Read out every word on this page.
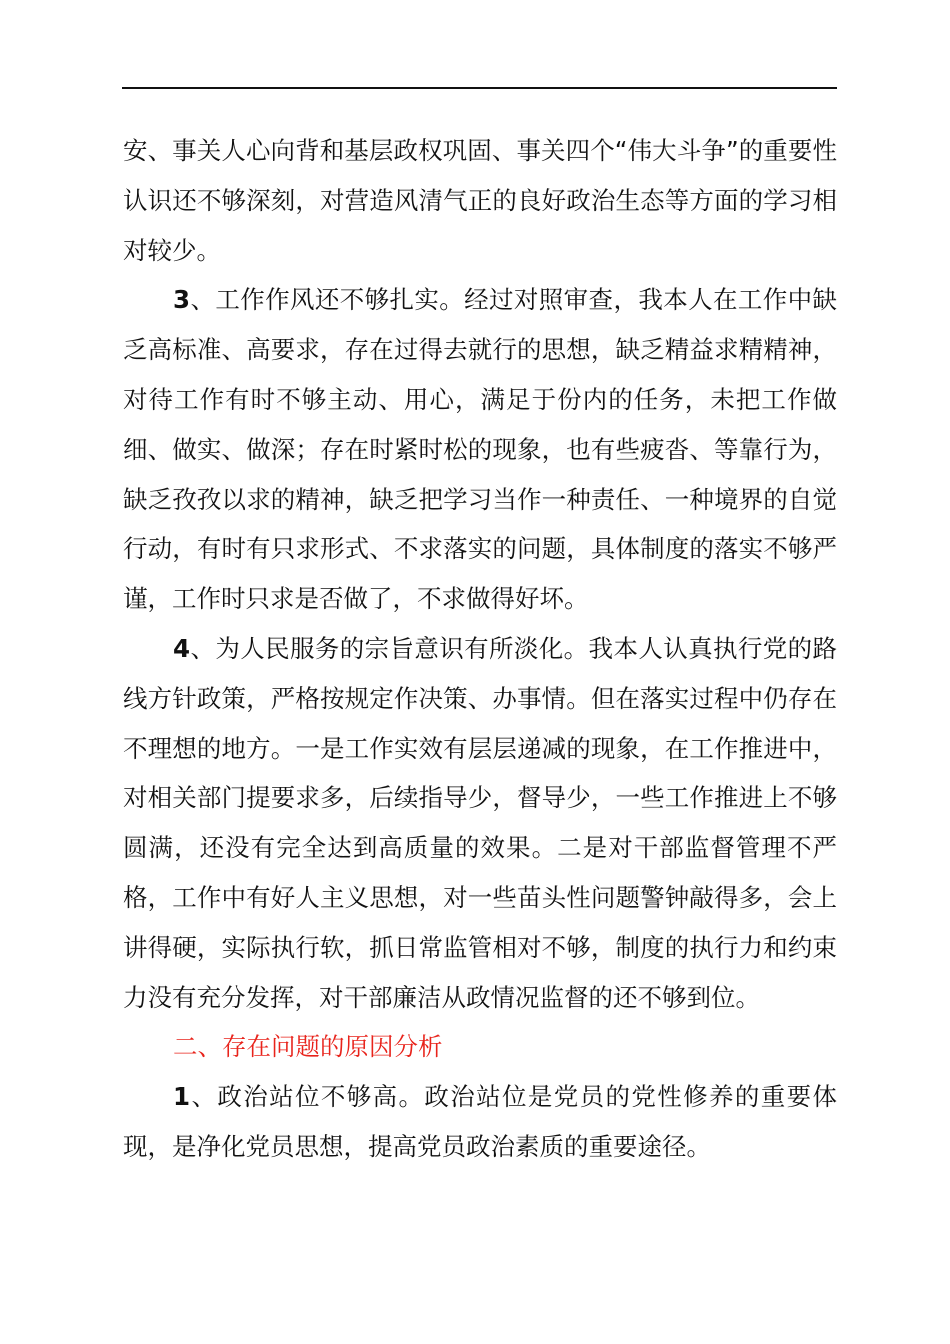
安、事关人心向背和基层政权巩固、事关四个“伟大斗争”的重要性认识还不够深刻，对营造风清气正的良好政治生态等方面的学习相对较少。

3、工作作风还不够扎实。经过对照审查，我本人在工作中缺乏高标准、高要求，存在过得去就行的思想，缺乏精益求精精神，对待工作有时不够主动、用心，满足于份内的任务，未把工作做细、做实、做深；存在时紧时松的现象，也有些疲沓、等靠行为，缺乏孜孜以求的精神，缺乏把学习当作一种责任、一种境界的自觉行动，有时有只求形式、不求落实的问题，具体制度的落实不够严谨，工作时只求是否做了，不求做得好坏。

4、为人民服务的宗旨意识有所淡化。我本人认真执行党的路线方针政策，严格按规定作决策、办事情。但在落实过程中仍存在不理想的地方。一是工作实效有层层递减的现象，在工作推进中，对相关部门提要求多，后续指导少，督导少，一些工作推进上不够圆满，还没有完全达到高质量的效果。二是对干部监督管理不严格，工作中有好人主义思想，对一些苗头性问题警钟敲得多，会上讲得硬，实际执行软，抓日常监管相对不够，制度的执行力和约束力没有充分发挥，对干部廉洁从政情况监督的还不够到位。

二、存在问题的原因分析

1、政治站位不够高。政治站位是党员的党性修养的重要体现，是净化党员思想，提高党员政治素质的重要途径。
